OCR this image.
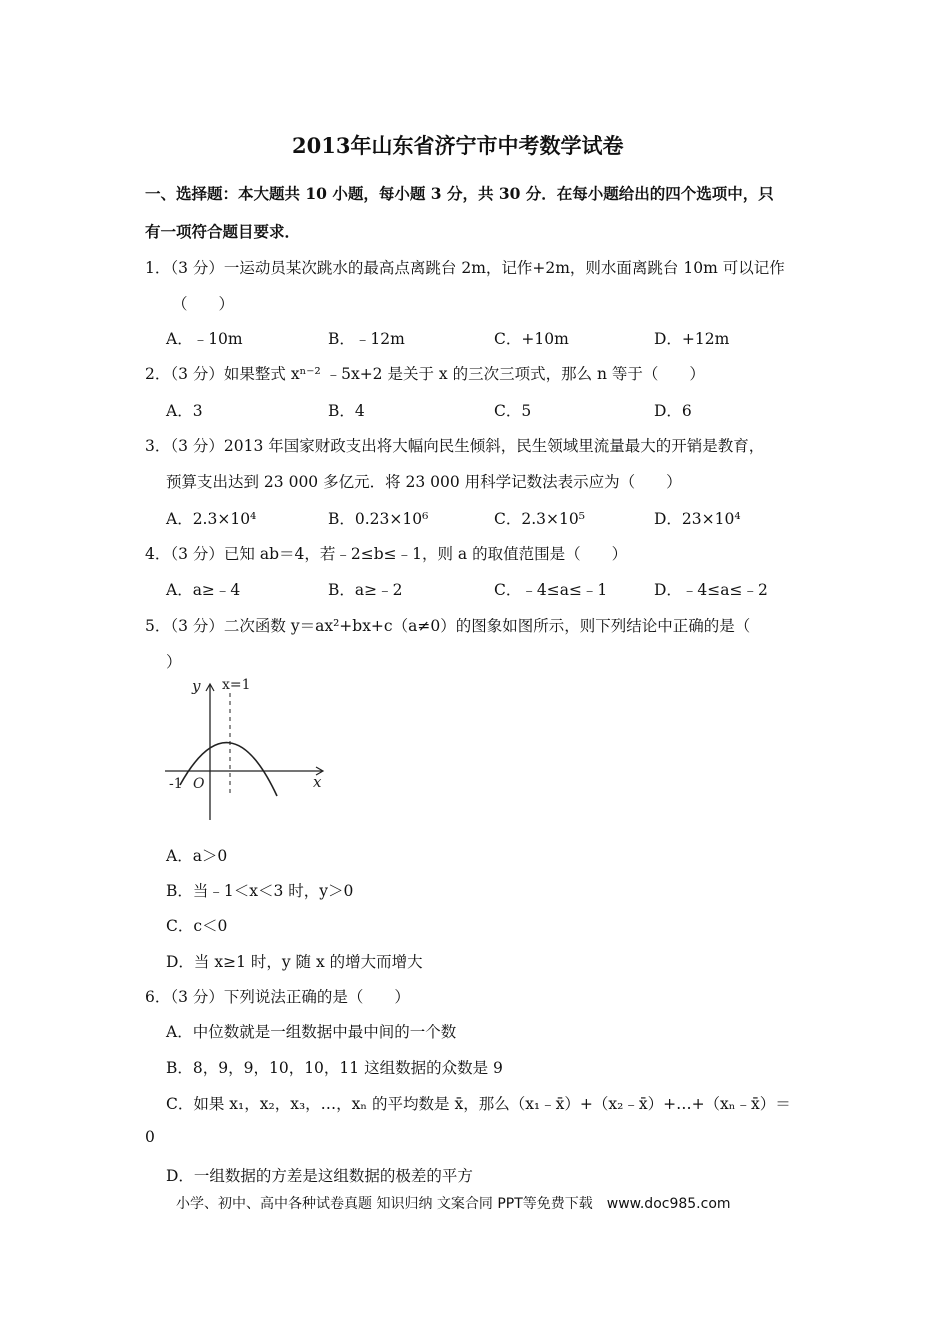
2013年山东省济宁市中考数学试卷
一、选择题：本大题共 10 小题，每小题 3 分，共 30 分．在每小题给出的四个选项中，只
有一项符合题目要求．
1．（3 分）一运动员某次跳水的最高点离跳台 2m，记作+2m，则水面离跳台 10m 可以记作
（　　）
A．﹣10m	B．﹣12m	C．+10m	D．+12m
2．（3 分）如果整式 xⁿ⁻² ﹣5x+2 是关于 x 的三次三项式，那么 n 等于（　　）
A．3	B．4	C．5	D．6
3．（3 分）2013 年国家财政支出将大幅向民生倾斜，民生领域里流量最大的开销是教育，
预算支出达到 23 000 多亿元．将 23 000 用科学记数法表示应为（　　）
A．2.3×10⁴	B．0.23×10⁶	C．2.3×10⁵	D．23×10⁴
4．（3 分）已知 ab＝4，若﹣2≤b≤﹣1，则 a 的取值范围是（　　）
A．a≥﹣4	B．a≥﹣2	C．﹣4≤a≤﹣1	D．﹣4≤a≤﹣2
5．（3 分）二次函数 y＝ax²+bx+c（a≠0）的图象如图所示，则下列结论中正确的是（
）
x=1
y
x
-1 O
A．a＞0
B．当﹣1＜x＜3 时，y＞0
C．c＜0
D．当 x≥1 时，y 随 x 的增大而增大
6．（3 分）下列说法正确的是（　　）
A．中位数就是一组数据中最中间的一个数
B．8，9，9，10，10，11 这组数据的众数是 9
C．如果 x₁，x₂，x₃，…，xₙ 的平均数是 x̄，那么（x₁﹣x̄）+（x₂﹣x̄）+…+（xₙ﹣x̄）＝
0
D．一组数据的方差是这组数据的极差的平方
小学、初中、高中各种试卷真题 知识归纳 文案合同 PPT等免费下载　www.doc985.com
